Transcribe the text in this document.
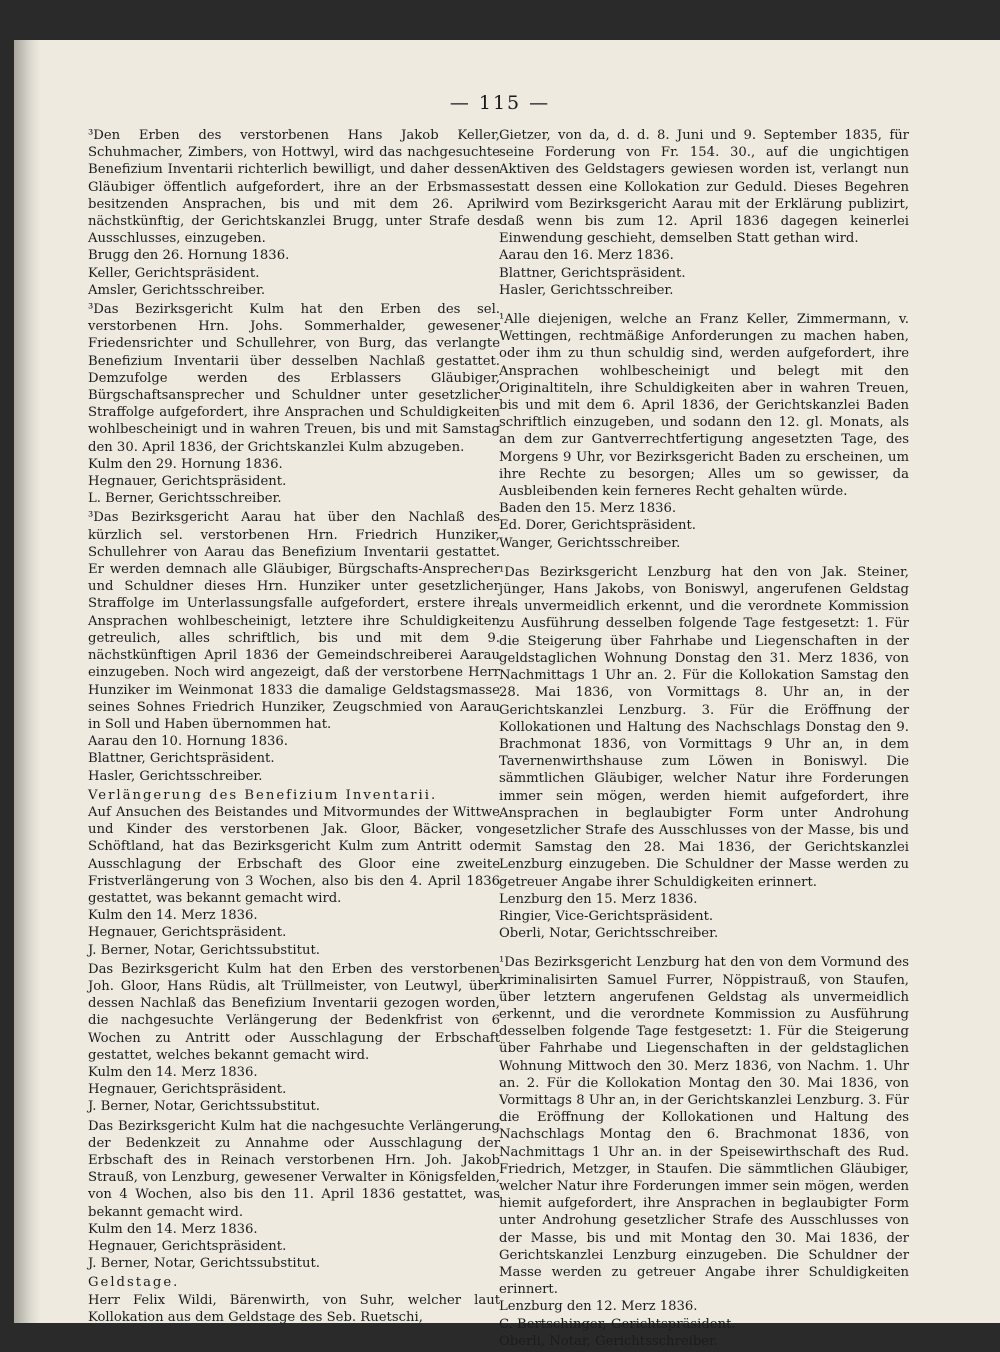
— 115 —

³Den Erben des verstorbenen Hans Jakob Keller, Schuhmacher, Zimbers, von Hottwyl, wird das nachgesuchte Benefizium Inventarii richterlich bewilligt, und daher dessen Gläubiger öffentlich aufgefordert, ihre an der Erbsmasse besitzenden Ansprachen, bis und mit dem 26. April nächstkünftig, der Gerichtskanzlei Brugg, unter Strafe des Ausschlusses, einzugeben.

Brugg den 26. Hornung 1836.

Keller, Gerichtspräsident.

Amsler, Gerichtsschreiber.

³Das Bezirksgericht Kulm hat den Erben des sel. verstorbenen Hrn. Johs. Sommerhalder, gewesener Friedensrichter und Schullehrer, von Burg, das verlangte Benefizium Inventarii über desselben Nachlaß gestattet. Demzufolge werden des Erblassers Gläubiger, Bürgschaftsansprecher und Schuldner unter gesetzlicher Straffolge aufgefordert, ihre Ansprachen und Schuldigkeiten wohlbescheinigt und in wahren Treuen, bis und mit Samstag den 30. April 1836, der Grichtskanzlei Kulm abzugeben.

Kulm den 29. Hornung 1836.

Hegnauer, Gerichtspräsident.

L. Berner, Gerichtsschreiber.

³Das Bezirksgericht Aarau hat über den Nachlaß des kürzlich sel. verstorbenen Hrn. Friedrich Hunziker, Schullehrer von Aarau das Benefizium Inventarii gestattet. Er werden demnach alle Gläubiger, Bürgschafts-Ansprecher und Schuldner dieses Hrn. Hunziker unter gesetzlicher Straffolge im Unterlassungsfalle aufgefordert, erstere ihre Ansprachen wohlbescheinigt, letztere ihre Schuldigkeiten getreulich, alles schriftlich, bis und mit dem 9. nächstkünftigen April 1836 der Gemeindschreiberei Aarau einzugeben. Noch wird angezeigt, daß der verstorbene Herr Hunziker im Weinmonat 1833 die damalige Geldstagsmasse seines Sohnes Friedrich Hunziker, Zeugschmied von Aarau in Soll und Haben übernommen hat.

Aarau den 10. Hornung 1836.

Blattner, Gerichtspräsident.

Hasler, Gerichtsschreiber.

Verlängerung des Benefizium Inventarii.

Auf Ansuchen des Beistandes und Mitvormundes der Wittwe und Kinder des verstorbenen Jak. Gloor, Bäcker, von Schöftland, hat das Bezirksgericht Kulm zum Antritt oder Ausschlagung der Erbschaft des Gloor eine zweite Fristverlängerung von 3 Wochen, also bis den 4. April 1836 gestattet, was bekannt gemacht wird.

Kulm den 14. Merz 1836.

Hegnauer, Gerichtspräsident.

J. Berner, Notar, Gerichtssubstitut.

Das Bezirksgericht Kulm hat den Erben des verstorbenen Joh. Gloor, Hans Rüdis, alt Trüllmeister, von Leutwyl, über dessen Nachlaß das Benefizium Inventarii gezogen worden, die nachgesuchte Verlängerung der Bedenkfrist von 6 Wochen zu Antritt oder Ausschlagung der Erbschaft gestattet, welches bekannt gemacht wird.

Kulm den 14. Merz 1836.

Hegnauer, Gerichtspräsident.

J. Berner, Notar, Gerichtssubstitut.

Das Bezirksgericht Kulm hat die nachgesuchte Verlängerung der Bedenkzeit zu Annahme oder Ausschlagung der Erbschaft des in Reinach verstorbenen Hrn. Joh. Jakob Strauß, von Lenzburg, gewesener Verwalter in Königsfelden, von 4 Wochen, also bis den 11. April 1836 gestattet, was bekannt gemacht wird.

Kulm den 14. Merz 1836.

Hegnauer, Gerichtspräsident.

J. Berner, Notar, Gerichtssubstitut.

Geldstage.

Herr Felix Wildi, Bärenwirth, von Suhr, welcher laut Kollokation aus dem Geldstage des Seb. Ruetschi,

Gietzer, von da, d. d. 8. Juni und 9. September 1835, für seine Forderung von Fr. 154. 30., auf die ungichtigen Aktiven des Geldstagers gewiesen worden ist, verlangt nun statt dessen eine Kollokation zur Geduld. Dieses Begehren wird vom Bezirksgericht Aarau mit der Erklärung publizirt, daß wenn bis zum 12. April 1836 dagegen keinerlei Einwendung geschieht, demselben Statt gethan wird.

Aarau den 16. Merz 1836.

Blattner, Gerichtspräsident.

Hasler, Gerichtsschreiber.

¹Alle diejenigen, welche an Franz Keller, Zimmermann, v. Wettingen, rechtmäßige Anforderungen zu machen haben, oder ihm zu thun schuldig sind, werden aufgefordert, ihre Ansprachen wohlbescheinigt und belegt mit den Originaltiteln, ihre Schuldigkeiten aber in wahren Treuen, bis und mit dem 6. April 1836, der Gerichtskanzlei Baden schriftlich einzugeben, und sodann den 12. gl. Monats, als an dem zur Gantverrechtfertigung angesetzten Tage, des Morgens 9 Uhr, vor Bezirksgericht Baden zu erscheinen, um ihre Rechte zu besorgen; Alles um so gewisser, da Ausbleibenden kein ferneres Recht gehalten würde.

Baden den 15. Merz 1836.

Ed. Dorer, Gerichtspräsident.

Wanger, Gerichtsschreiber.

¹Das Bezirksgericht Lenzburg hat den von Jak. Steiner, jünger, Hans Jakobs, von Boniswyl, angerufenen Geldstag als unvermeidlich erkennt, und die verordnete Kommission zu Ausführung desselben folgende Tage festgesetzt: 1. Für die Steigerung über Fahrhabe und Liegenschaften in der geldstaglichen Wohnung Donstag den 31. Merz 1836, von Nachmittags 1 Uhr an. 2. Für die Kollokation Samstag den 28. Mai 1836, von Vormittags 8. Uhr an, in der Gerichtskanzlei Lenzburg. 3. Für die Eröffnung der Kollokationen und Haltung des Nachschlags Donstag den 9. Brachmonat 1836, von Vormittags 9 Uhr an, in dem Tavernenwirthshause zum Löwen in Boniswyl. Die sämmtlichen Gläubiger, welcher Natur ihre Forderungen immer sein mögen, werden hiemit aufgefordert, ihre Ansprachen in beglaubigter Form unter Androhung gesetzlicher Strafe des Ausschlusses von der Masse, bis und mit Samstag den 28. Mai 1836, der Gerichtskanzlei Lenzburg einzugeben. Die Schuldner der Masse werden zu getreuer Angabe ihrer Schuldigkeiten erinnert.

Lenzburg den 15. Merz 1836.

Ringier, Vice-Gerichtspräsident.

Oberli, Notar, Gerichtsschreiber.

¹Das Bezirksgericht Lenzburg hat den von dem Vormund des kriminalisirten Samuel Furrer, Nöppistrauß, von Staufen, über letztern angerufenen Geldstag als unvermeidlich erkennt, und die verordnete Kommission zu Ausführung desselben folgende Tage festgesetzt: 1. Für die Steigerung über Fahrhabe und Liegenschaften in der geldstaglichen Wohnung Mittwoch den 30. Merz 1836, von Nachm. 1. Uhr an. 2. Für die Kollokation Montag den 30. Mai 1836, von Vormittags 8 Uhr an, in der Gerichtskanzlei Lenzburg. 3. Für die Eröffnung der Kollokationen und Haltung des Nachschlags Montag den 6. Brachmonat 1836, von Nachmittags 1 Uhr an. in der Speisewirthschaft des Rud. Friedrich, Metzger, in Staufen. Die sämmtlichen Gläubiger, welcher Natur ihre Forderungen immer sein mögen, werden hiemit aufgefordert, ihre Ansprachen in beglaubigter Form unter Androhung gesetzlicher Strafe des Ausschlusses von der Masse, bis und mit Montag den 30. Mai 1836, der Gerichtskanzlei Lenzburg einzugeben. Die Schuldner der Masse werden zu getreuer Angabe ihrer Schuldigkeiten erinnert.

Lenzburg den 12. Merz 1836.

C. Bertschinger, Gerichtspräsident.

Oberli, Notar, Gerichtsschreiber.
